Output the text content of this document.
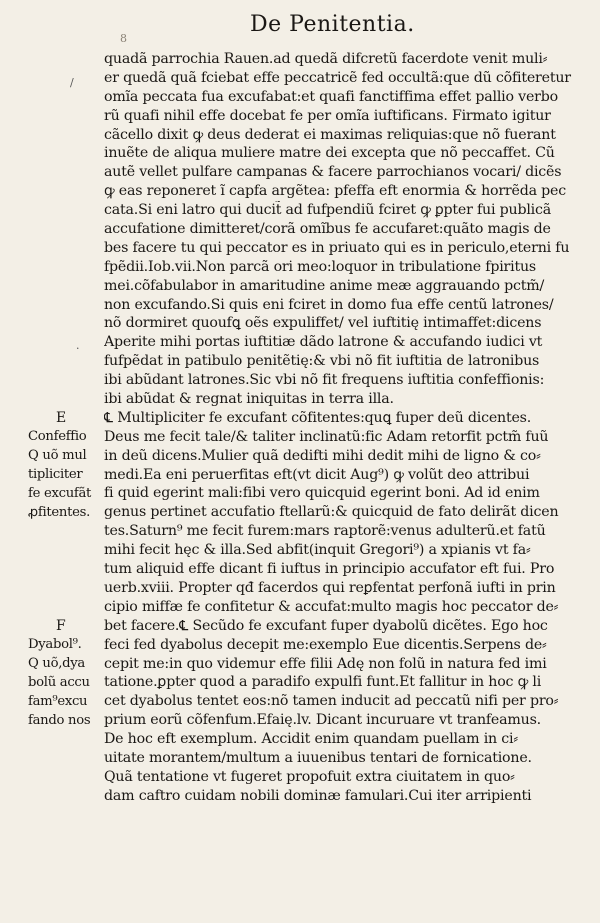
8
De Penitentia.
quadã parrochia Rauen.ad quedã difcretũ facerdote venit muli⸗
er quedã quã fciebat effe peccatricẽ fed occultã:que dũ cõfiteretur
omĩa peccata fua excufabat:et quafi fanctiffima effet pallio verbo
rũ quafi nihil effe docebat fe per omĩa iuftificans. Firmato igitur
cãcello dixit ꝙ deus dederat ei maximas reliquias:que nõ fuerant
inuẽte de aliqua muliere matre dei excepta que nõ peccaffet. Cũ
autẽ vellet pulfare campanas & facere parrochianos vocari/ dicẽs
ꝙ eas reponeret ĩ capfa argẽtea: pfeffa eft enormia & horrẽda pec
cata.Si eni latro qui ducit̃ ad fufpendiũ fciret ꝙ ꝑpter fui publicã
accufatione dimitteret/corã omĩbus fe accufaret:quãto magis de
bes facere tu qui peccator es in priuato qui es in periculo,eterni fu
fpẽdii.Iob.vii.Non parcã ori meo:loquor in tribulatione fpiritus
mei.cõfabulabor in amaritudine anime meæ aggrauando pctm̃/
non excufando.Si quis eni fciret in domo fua effe centũ latrones/
nõ dormiret quoufꝗ oẽs expuliffet/ vel iuftitię intimaffet:dicens
Aperite mihi portas iuftitiæ dãdo latrone & accufando iudici vt
fufpẽdat in patibulo penitẽtię:& vbi nõ fit iuftitia de latronibus
ibi abũdant latrones.Sic vbi nõ fit frequens iuftitia confeffionis:
ibi abũdat & regnat iniquitas in terra illa.
℄ Multipliciter fe excufant cõfitentes:quꝗ fuper deũ dicentes.
Deus me fecit tale/& taliter inclinatũ:fic Adam retorfit pctm̃ fuũ
in deũ dicens.Mulier quã dedifti mihi dedit mihi de ligno & co⸗
medi.Ea eni peruerfitas eft(vt dicit Aug⁹) ꝙ volũt deo attribui
fi quid egerint mali:fibi vero quicquid egerint boni. Ad id enim
genus pertinet accufatio ftellarũ:& quicquid de fato delirãt dicen
tes.Saturn⁹ me fecit furem:mars raptorẽ:venus adulterũ.et fatũ
mihi fecit hęc & illa.Sed abfit(inquit Gregori⁹) a xpianis vt fa⸗
tum aliquid effe dicant fi iuftus in principio accufator eft fui. Pro
uerb.xviii. Propter qđ facerdos qui reꝑfentat perfonã iufti in prin
cipio miffæ fe confitetur & accufat:multo magis hoc peccator de⸗
bet facere.℄ Secũdo fe excufant fuper dyabolũ dicẽtes. Ego hoc
feci fed dyabolus decepit me:exemplo Eue dicentis.Serpens de⸗
cepit me:in quo videmur effe filii Adę non folũ in natura fed imi
tatione.ꝑpter quod a paradifo expulfi funt.Et fallitur in hoc ꝙ li
cet dyabolus tentet eos:nõ tamen inducit ad peccatũ nifi per pro⸗
prium eorũ cõfenfum.Efaię.lv. Dicant incuruare vt tranfeamus.
De hoc eft exemplum. Accidit enim quandam puellam in ci⸗
uitate morantem/multum a iuuenibus tentari de fornicatione.
Quã tentatione vt fugeret propofuit extra ciuitatem in quo⸗
dam caftro cuidam nobili dominæ famulari.Cui iter arripienti
E
Confeffio
Q uõ mul
tipliciter
fe excufãt
ꝓfitentes.
F
Dyabol⁹.
Q uõ,dya
bolũ accu
fam⁹excu
fando nos
/
·
